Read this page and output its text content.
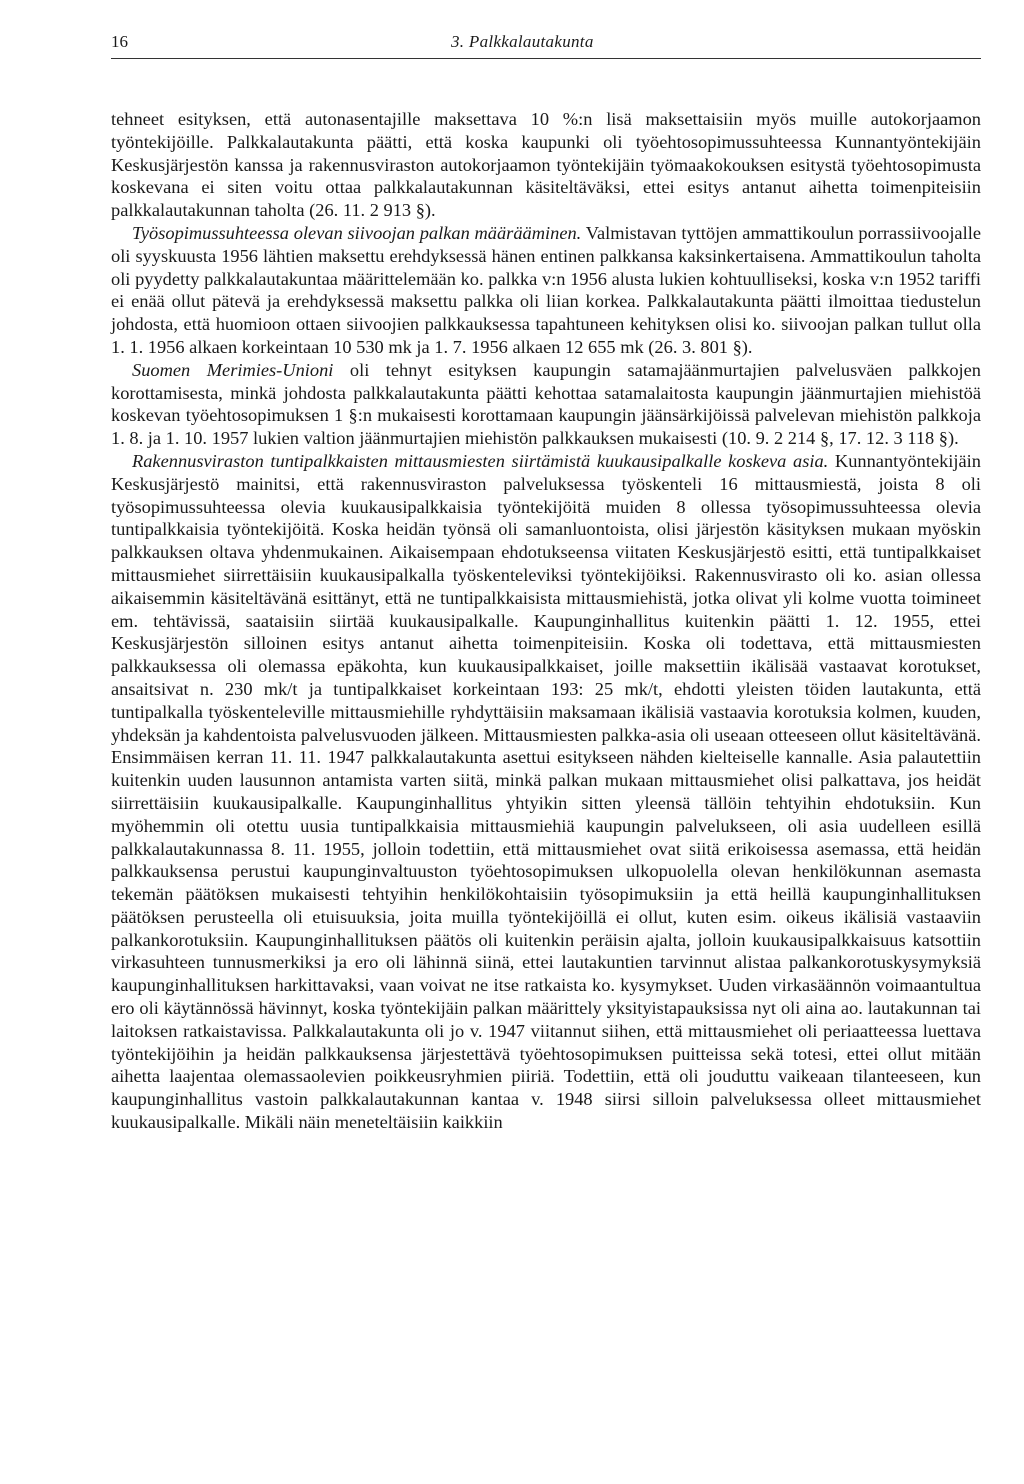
16	3. Palkkalautakunta

tehneet esityksen, että autonasentajille maksettava 10 %:n lisä maksettaisiin myös muille autokorjaamon työntekijöille. Palkkalautakunta päätti, että koska kaupunki oli työehtosopimussuhteessa Kunnantyöntekijäin Keskusjärjestön kanssa ja rakennusviraston autokorjaamon työntekijäin työmaakokouksen esitystä työehtosopimusta koskevana ei siten voitu ottaa palkkalautakunnan käsiteltäväksi, ettei esitys antanut aihetta toimenpiteisiin palkkalautakunnan taholta (26. 11. 2 913 §).

Työsopimussuhteessa olevan siivoojan palkan määrääminen. Valmistavan tyttöjen ammattikoulun porrassiivoojalle oli syyskuusta 1956 lähtien maksettu erehdyksessä hänen entinen palkkansa kaksinkertaisena. Ammattikoulun taholta oli pyydetty palkkalautakuntaa määrittelemään ko. palkka v:n 1956 alusta lukien kohtuulliseksi, koska v:n 1952 tariffi ei enää ollut pätevä ja erehdyksessä maksettu palkka oli liian korkea. Palkkalautakunta päätti ilmoittaa tiedustelun johdosta, että huomioon ottaen siivoojien palkkauksessa tapahtuneen kehityksen olisi ko. siivoojan palkan tullut olla 1. 1. 1956 alkaen korkeintaan 10 530 mk ja 1. 7. 1956 alkaen 12 655 mk (26. 3. 801 §).

Suomen Merimies-Unioni oli tehnyt esityksen kaupungin satamajäänmurtajien palvelusväen palkkojen korottamisesta, minkä johdosta palkkalautakunta päätti kehottaa satamalaitosta kaupungin jäänmurtajien miehistöä koskevan työehtosopimuksen 1 §:n mukaisesti korottamaan kaupungin jäänsärkijöissä palvelevan miehistön palkkoja 1. 8. ja 1. 10. 1957 lukien valtion jäänmurtajien miehistön palkkauksen mukaisesti (10. 9. 2 214 §, 17. 12. 3 118 §).

Rakennusviraston tuntipalkkaisten mittausmiesten siirtämistä kuukausipalkalle koskeva asia. Kunnantyöntekijäin Keskusjärjestö mainitsi, että rakennusviraston palveluksessa työskenteli 16 mittausmiestä, joista 8 oli työsopimussuhteessa olevia kuukausipalkkaisia työntekijöitä muiden 8 ollessa työsopimussuhteessa olevia tuntipalkkaisia työntekijöitä. Koska heidän työnsä oli samanluontoista, olisi järjestön käsityksen mukaan myöskin palkkauksen oltava yhdenmukainen. Aikaisempaan ehdotukseensa viitaten Keskusjärjestö esitti, että tuntipalkkaiset mittausmiehet siirrettäisiin kuukausipalkalla työskenteleviksi työntekijöiksi. Rakennusvirasto oli ko. asian ollessa aikaisemmin käsiteltävänä esittänyt, että ne tuntipalkkaisista mittausmiehistä, jotka olivat yli kolme vuotta toimineet em. tehtävissä, saataisiin siirtää kuukausipalkalle. Kaupunginhallitus kuitenkin päätti 1. 12. 1955, ettei Keskusjärjestön silloinen esitys antanut aihetta toimenpiteisiin. Koska oli todettava, että mittausmiesten palkkauksessa oli olemassa epäkohta, kun kuukausipalkkaiset, joille maksettiin ikälisää vastaavat korotukset, ansaitsivat n. 230 mk/t ja tuntipalkkaiset korkeintaan 193: 25 mk/t, ehdotti yleisten töiden lautakunta, että tuntipalkalla työskenteleville mittausmiehille ryhdyttäisiin maksamaan ikälisiä vastaavia korotuksia kolmen, kuuden, yhdeksän ja kahdentoista palvelusvuoden jälkeen. Mittausmiesten palkka-asia oli useaan otteeseen ollut käsiteltävänä. Ensimmäisen kerran 11. 11. 1947 palkkalautakunta asettui esitykseen nähden kielteiselle kannalle. Asia palautettiin kuitenkin uuden lausunnon antamista varten siitä, minkä palkan mukaan mittausmiehet olisi palkattava, jos heidät siirrettäisiin kuukausipalkalle. Kaupunginhallitus yhtyikin sitten yleensä tällöin tehtyihin ehdotuksiin. Kun myöhemmin oli otettu uusia tuntipalkkaisia mittausmiehiä kaupungin palvelukseen, oli asia uudelleen esillä palkkalautakunnassa 8. 11. 1955, jolloin todettiin, että mittausmiehet ovat siitä erikoisessa asemassa, että heidän palkkauksensa perustui kaupunginvaltuuston työehtosopimuksen ulkopuolella olevan henkilökunnan asemasta tekemän päätöksen mukaisesti tehtyihin henkilökohtaisiin työsopimuksiin ja että heillä kaupunginhallituksen päätöksen perusteella oli etuisuuksia, joita muilla työntekijöillä ei ollut, kuten esim. oikeus ikälisiä vastaaviin palkankorotuksiin. Kaupunginhallituksen päätös oli kuitenkin peräisin ajalta, jolloin kuukausipalkkaisuus katsottiin virkasuhteen tunnusmerkiksi ja ero oli lähinnä siinä, ettei lautakuntien tarvinnut alistaa palkankorotuskysymyksiä kaupunginhallituksen harkittavaksi, vaan voivat ne itse ratkaista ko. kysymykset. Uuden virkasäännön voimaantultua ero oli käytännössä hävinnyt, koska työntekijäin palkan määrittely yksityistapauksissa nyt oli aina ao. lautakunnan tai laitoksen ratkaistavissa. Palkkalautakunta oli jo v. 1947 viitannut siihen, että mittausmiehet oli periaatteessa luettava työntekijöihin ja heidän palkkauksensa järjestettävä työehtosopimuksen puitteissa sekä totesi, ettei ollut mitään aihetta laajentaa olemassaolevien poikkeusryhmien piiriä. Todettiin, että oli jouduttu vaikeaan tilanteeseen, kun kaupunginhallitus vastoin palkkalautakunnan kantaa v. 1948 siirsi silloin palveluksessa olleet mittausmiehet kuukausipalkalle. Mikäli näin meneteltäisiin kaikkiin
